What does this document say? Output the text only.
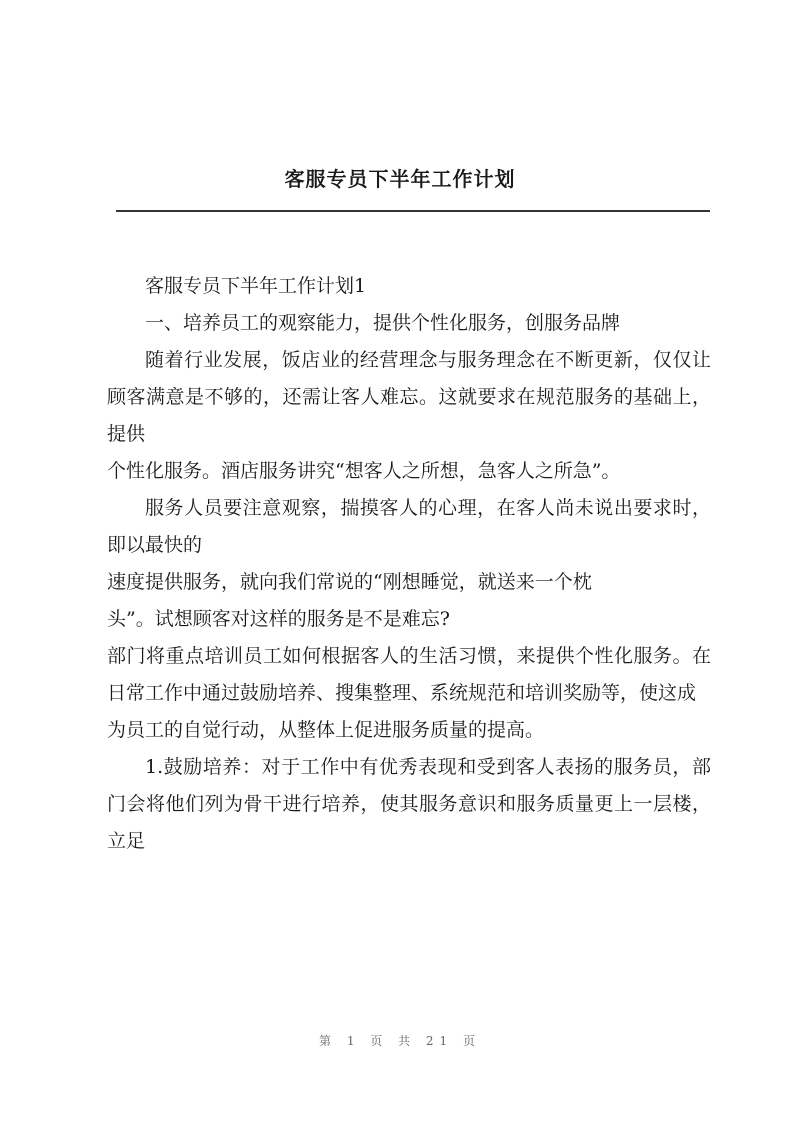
客服专员下半年工作计划

客服专员下半年工作计划1

一、培养员工的观察能力，提供个性化服务，创服务品牌

随着行业发展，饭店业的经营理念与服务理念在不断更新，仅仅让顾客满意是不够的，还需让客人难忘。这就要求在规范服务的基础上，提供

个性化服务。酒店服务讲究“想客人之所想，急客人之所急”。

服务人员要注意观察，揣摸客人的心理，在客人尚未说出要求时，即以最快的

速度提供服务，就向我们常说的“刚想睡觉，就送来一个枕

头”。试想顾客对这样的服务是不是难忘?

部门将重点培训员工如何根据客人的生活习惯，来提供个性化服务。在日常工作中通过鼓励培养、搜集整理、系统规范和培训奖励等，使这成

为员工的自觉行动，从整体上促进服务质量的提高。

1.鼓励培养：对于工作中有优秀表现和受到客人表扬的服务员，部门会将他们列为骨干进行培养，使其服务意识和服务质量更上一层楼，立足

第 1 页 共 21 页
